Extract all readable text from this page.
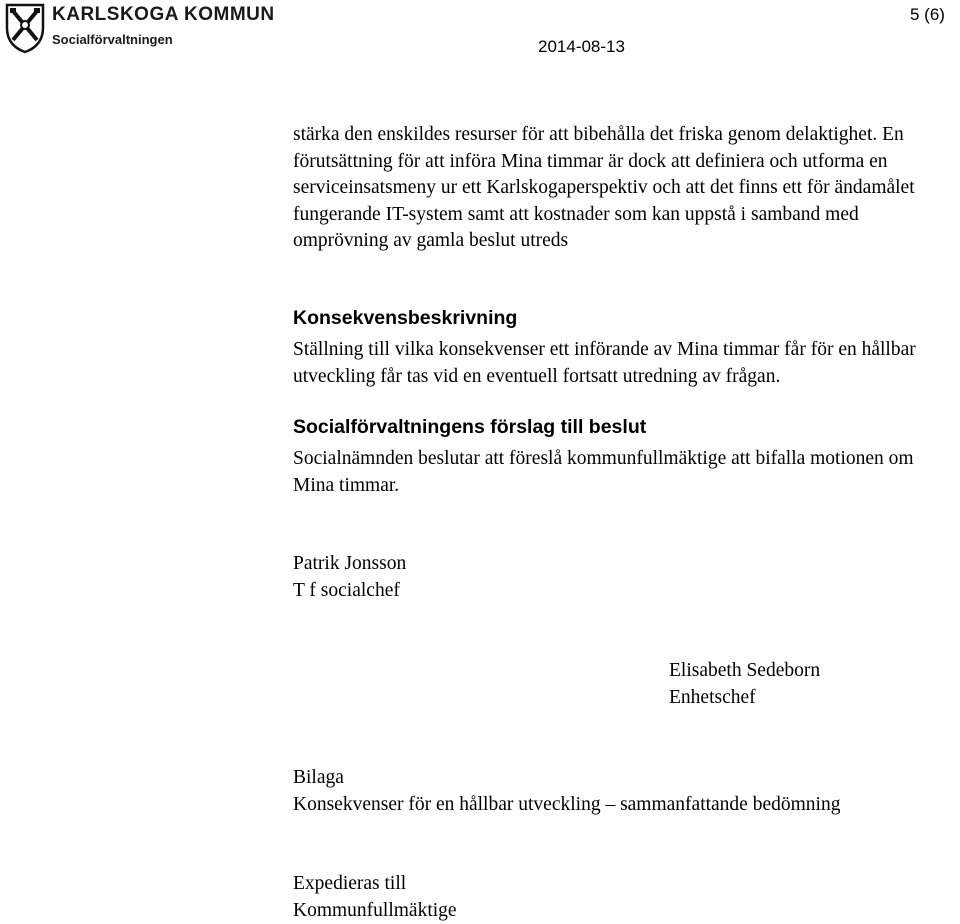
KARLSKOGA KOMMUN
Socialförvaltningen	2014-08-13
5 (6)

stärka den enskildes resurser för att bibehålla det friska genom delaktighet. En förutsättning för att införa Mina timmar är dock att definiera och utforma en serviceinsatsmeny ur ett Karlskogaperspektiv och att det finns ett för ändamålet fungerande IT-system samt att kostnader som kan uppstå i samband med omprövning av gamla beslut utreds

Konsekvensbeskrivning

Ställning till vilka konsekvenser ett införande av Mina timmar får för en hållbar utveckling får tas vid en eventuell fortsatt utredning av frågan.

Socialförvaltningens förslag till beslut

Socialnämnden beslutar att föreslå kommunfullmäktige att bifalla motionen om Mina timmar.

Patrik Jonsson

T f socialchef

Elisabeth Sedeborn

Enhetschef

Bilaga

Konsekvenser för en hållbar utveckling – sammanfattande bedömning

Expedieras till

Kommunfullmäktige
